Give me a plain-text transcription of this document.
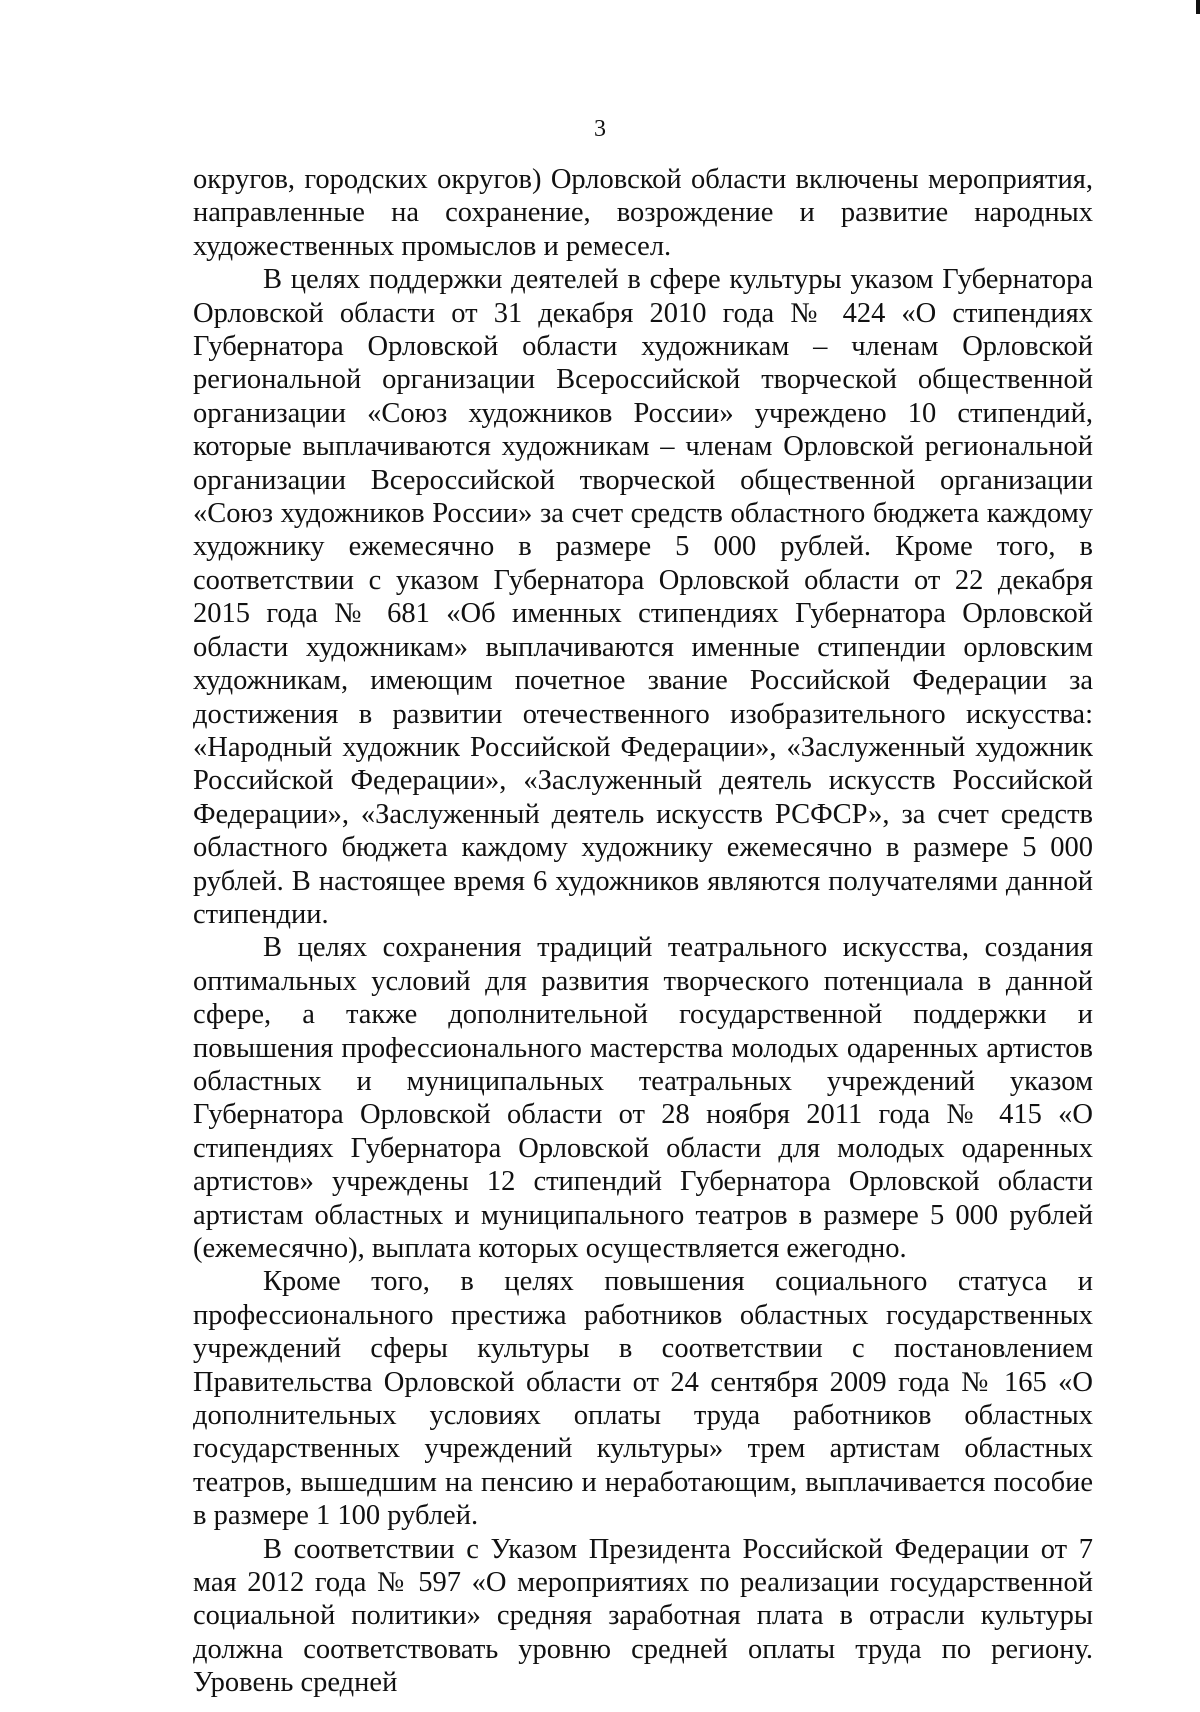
3

округов, городских округов) Орловской области включены мероприятия, направленные на сохранение, возрождение и развитие народных художественных промыслов и ремесел.

В целях поддержки деятелей в сфере культуры указом Губернатора Орловской области от 31 декабря 2010 года № 424 «О стипендиях Губернатора Орловской области художникам – членам Орловской региональной организации Всероссийской творческой общественной организации «Союз художников России» учреждено 10 стипендий, которые выплачиваются художникам – членам Орловской региональной организации Всероссийской творческой общественной организации «Союз художников России» за счет средств областного бюджета каждому художнику ежемесячно в размере 5 000 рублей. Кроме того, в соответствии с указом Губернатора Орловской области от 22 декабря 2015 года № 681 «Об именных стипендиях Губернатора Орловской области художникам» выплачиваются именные стипендии орловским художникам, имеющим почетное звание Российской Федерации за достижения в развитии отечественного изобразительного искусства: «Народный художник Российской Федерации», «Заслуженный художник Российской Федерации», «Заслуженный деятель искусств Российской Федерации», «Заслуженный деятель искусств РСФСР», за счет средств областного бюджета каждому художнику ежемесячно в размере 5 000 рублей. В настоящее время 6 художников являются получателями данной стипендии.

В целях сохранения традиций театрального искусства, создания оптимальных условий для развития творческого потенциала в данной сфере, а также дополнительной государственной поддержки и повышения профессионального мастерства молодых одаренных артистов областных и муниципальных театральных учреждений указом Губернатора Орловской области от 28 ноября 2011 года № 415 «О стипендиях Губернатора Орловской области для молодых одаренных артистов» учреждены 12 стипендий Губернатора Орловской области артистам областных и муниципального театров в размере 5 000 рублей (ежемесячно), выплата которых осуществляется ежегодно.

Кроме того, в целях повышения социального статуса и профессионального престижа работников областных государственных учреждений сферы культуры в соответствии с постановлением Правительства Орловской области от 24 сентября 2009 года № 165 «О дополнительных условиях оплаты труда работников областных государственных учреждений культуры» трем артистам областных театров, вышедшим на пенсию и неработающим, выплачивается пособие в размере 1 100 рублей.

В соответствии с Указом Президента Российской Федерации от 7 мая 2012 года № 597 «О мероприятиях по реализации государственной социальной политики» средняя заработная плата в отрасли культуры должна соответствовать уровню средней оплаты труда по региону. Уровень средней
